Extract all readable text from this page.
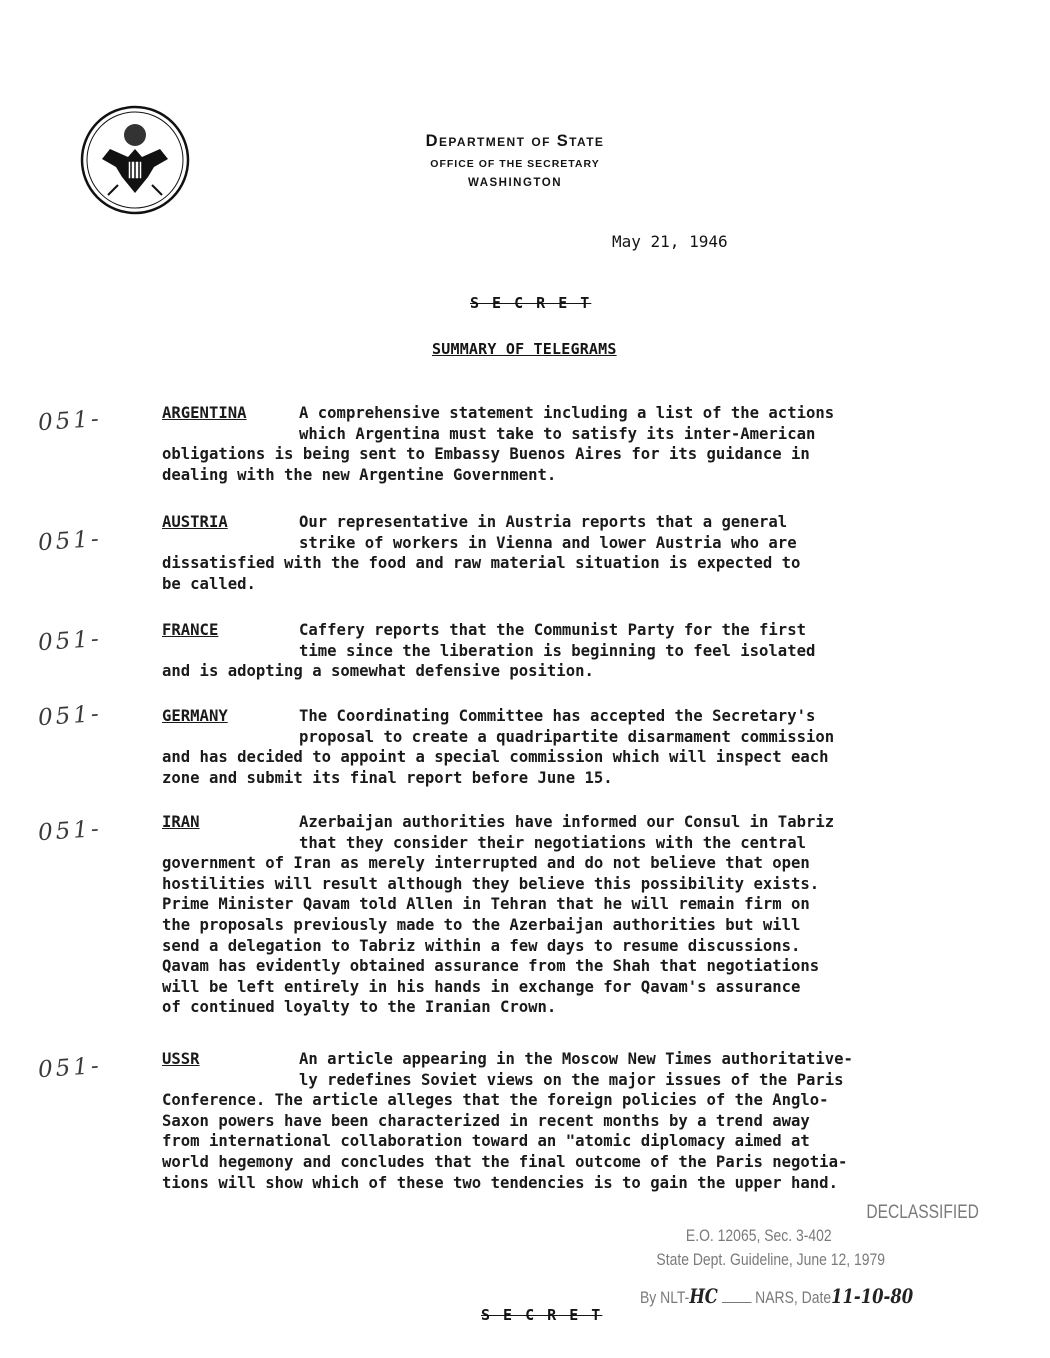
Department of State
OFFICE OF THE SECRETARY
WASHINGTON
May 21, 1946
S E C R E T
SUMMARY OF TELEGRAMS
051-
051-
051-
051-
051-
051-
ARGENTINA	A comprehensive statement including a list of the actions
which Argentina must take to satisfy its inter-American
obligations is being sent to Embassy Buenos Aires for its guidance in
dealing with the new Argentine Government.
AUSTRIA	Our representative in Austria reports that a general
strike of workers in Vienna and lower Austria who are
dissatisfied with the food and raw material situation is expected to
be called.
FRANCE	Caffery reports that the Communist Party for the first
time since the liberation is beginning to feel isolated
and is adopting a somewhat defensive position.
GERMANY	The Coordinating Committee has accepted the Secretary's
proposal to create a quadripartite disarmament commission
and has decided to appoint a special commission which will inspect each
zone and submit its final report before June 15.
IRAN	Azerbaijan authorities have informed our Consul in Tabriz
that they consider their negotiations with the central
government of Iran as merely interrupted and do not believe that open
hostilities will result although they believe this possibility exists.
Prime Minister Qavam told Allen in Tehran that he will remain firm on
the proposals previously made to the Azerbaijan authorities but will
send a delegation to Tabriz within a few days to resume discussions.
Qavam has evidently obtained assurance from the Shah that negotiations
will be left entirely in his hands in exchange for Qavam's assurance
of continued loyalty to the Iranian Crown.
USSR	An article appearing in the Moscow New Times authoritative-
ly redefines Soviet views on the major issues of the Paris
Conference. The article alleges that the foreign policies of the Anglo-
Saxon powers have been characterized in recent months by a trend away
from international collaboration toward an "atomic diplomacy aimed at
world hegemony and concludes that the final outcome of the Paris negotia-
tions will show which of these two tendencies is to gain the upper hand.
S E C R E T
DECLASSIFIED
E.O. 12065, Sec. 3-402
State Dept. Guideline, June 12, 1979
By NLT-HC NARS, Date11-10-80
